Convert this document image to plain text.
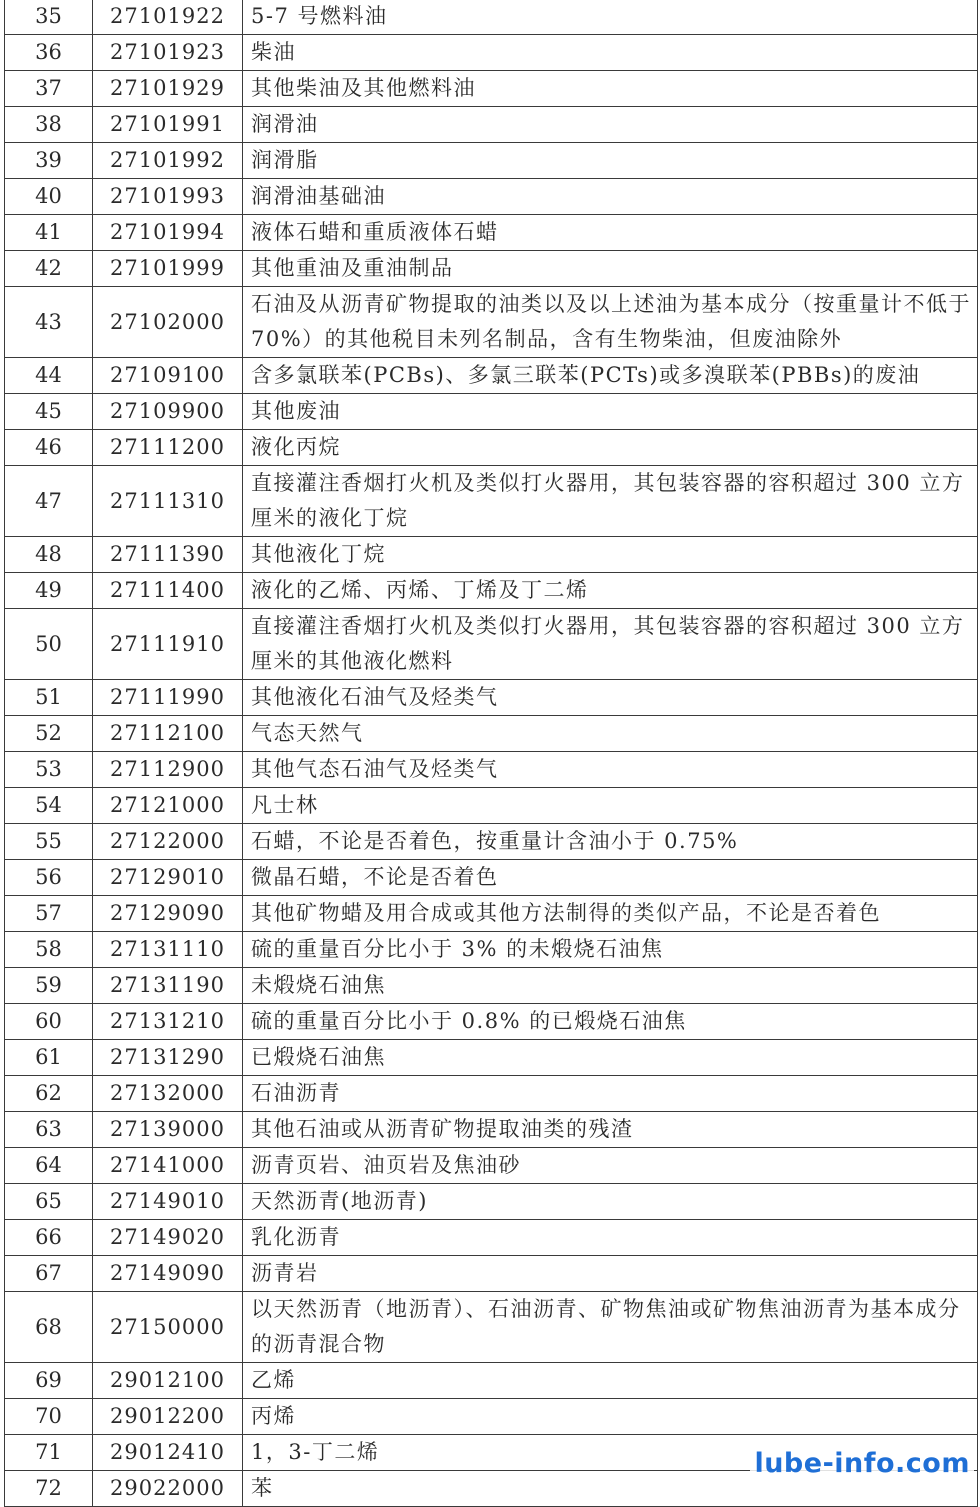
35	27101922	5-7 号燃料油
36	27101923	柴油
37	27101929	其他柴油及其他燃料油
38	27101991	润滑油
39	27101992	润滑脂
40	27101993	润滑油基础油
41	27101994	液体石蜡和重质液体石蜡
42	27101999	其他重油及重油制品
43	27102000	石油及从沥青矿物提取的油类以及以上述油为基本成分（按重量计不低于 70%）的其他税目未列名制品，含有生物柴油，但废油除外
44	27109100	含多氯联苯(PCBs)、多氯三联苯(PCTs)或多溴联苯(PBBs)的废油
45	27109900	其他废油
46	27111200	液化丙烷
47	27111310	直接灌注香烟打火机及类似打火器用，其包装容器的容积超过 300 立方厘米的液化丁烷
48	27111390	其他液化丁烷
49	27111400	液化的乙烯、丙烯、丁烯及丁二烯
50	27111910	直接灌注香烟打火机及类似打火器用，其包装容器的容积超过 300 立方厘米的其他液化燃料
51	27111990	其他液化石油气及烃类气
52	27112100	气态天然气
53	27112900	其他气态石油气及烃类气
54	27121000	凡士林
55	27122000	石蜡，不论是否着色，按重量计含油小于 0.75%
56	27129010	微晶石蜡，不论是否着色
57	27129090	其他矿物蜡及用合成或其他方法制得的类似产品，不论是否着色
58	27131110	硫的重量百分比小于 3% 的未煅烧石油焦
59	27131190	未煅烧石油焦
60	27131210	硫的重量百分比小于 0.8% 的已煅烧石油焦
61	27131290	已煅烧石油焦
62	27132000	石油沥青
63	27139000	其他石油或从沥青矿物提取油类的残渣
64	27141000	沥青页岩、油页岩及焦油砂
65	27149010	天然沥青(地沥青)
66	27149020	乳化沥青
67	27149090	沥青岩
68	27150000	以天然沥青（地沥青）、石油沥青、矿物焦油或矿物焦油沥青为基本成分的沥青混合物
69	29012100	乙烯
70	29012200	丙烯
71	29012410	1，3-丁二烯
72	29022000	苯
lube-info.com
